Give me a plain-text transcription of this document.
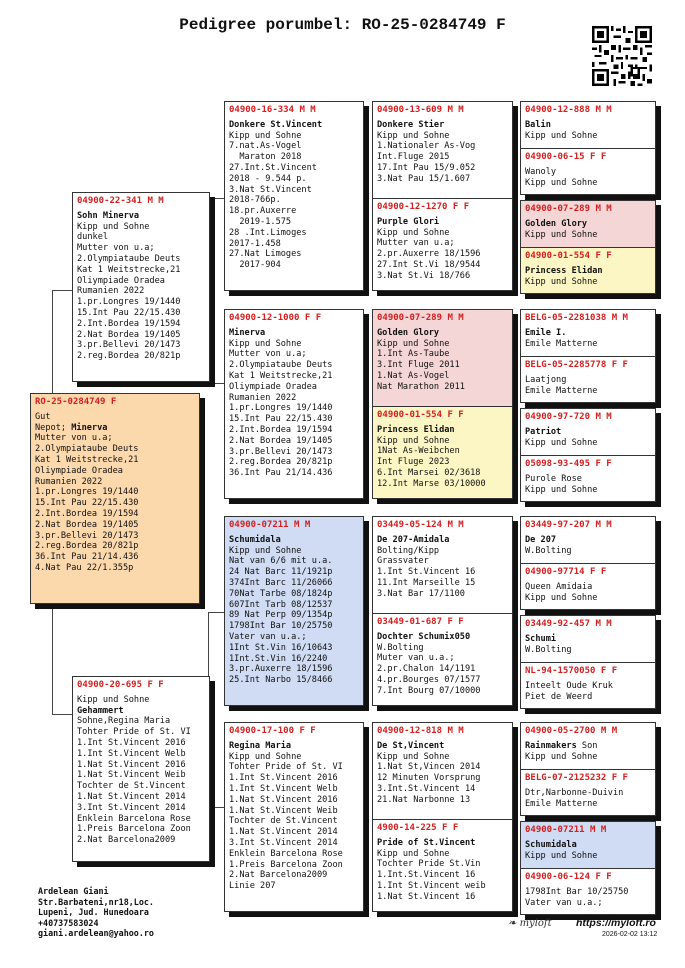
Pedigree porumbel: RO-25-0284749 F
RO-25-0284749 F
Gut
Nepot; Minerva
Mutter von u.a;
2.Olympiataube Deuts
Kat 1 Weitstrecke,21
Oliympiade Oradea
Rumanien 2022
1.pr.Longres 19/1440
15.Int Pau 22/15.430
2.Int.Bordea 19/1594
2.Nat Bordea 19/1405
3.pr.Bellevi 20/1473
2.reg.Bordea 20/821p
36.Int Pau 21/14.436
4.Nat Pau 22/1.355p
04900-22-341 M M
Sohn Minerva
Kipp und Sohne
dunkel
Mutter von u.a;
2.Olympiataube Deuts
Kat 1 Weitstrecke,21
Oliympiade Oradea
Rumanien 2022
1.pr.Longres 19/1440
15.Int Pau 22/15.430
2.Int.Bordea 19/1594
2.Nat Bordea 19/1405
3.pr.Bellevi 20/1473
2.reg.Bordea 20/821p
04900-20-695 F F
Kipp und Sohne
Gehammert
Sohne,Regina Maria
Tohter Pride of St. VI
1.Int St.Vincent 2016
1.Int St.Vincent Welb
1.Nat St.Vincent 2016
1.Nat St.Vincent Weib
Tochter de St.Vincent
1.Nat St.Vincent 2014
3.Int St.Vincent 2014
Enklein Barcelona Rose
1.Preis Barcelona Zoon
2.Nat Barcelona2009
04900-16-334 M M
Donkere St.Vincent
Kipp und Sohne
7.nat.As-Vogel
Maraton 2018
27.Int.St.Vincent
2018 - 9.544 p.
3.Nat St.Vincent
2018-766p.
18.pr.Auxerre
2019-1.575
28 .Int.Limoges
2017-1.458
27.Nat Limoges
2017-904
04900-12-1000 F F
Minerva
Kipp und Sohne
Mutter von u.a;
2.Olympiataube Deuts
Kat 1 Weitstrecke,21
Oliympiade Oradea
Rumanien 2022
1.pr.Longres 19/1440
15.Int Pau 22/15.430
2.Int.Bordea 19/1594
2.Nat Bordea 19/1405
3.pr.Bellevi 20/1473
2.reg.Bordea 20/821p
36.Int Pau 21/14.436
04900-07211 M M
Schumidala
Kipp und Sohne
Nat van 6/6 mit u.a.
24 Nat Barc 11/1921p
374Int Barc 11/26066
70Nat Tarbe 08/1824p
607Int Tarb 08/12537
89 Nat Perp 09/1354p
1798Int Bar 10/25750
Vater van u.a.;
1Int St.Vin 16/10643
1Int.St.Vin 16/2240
3.pr.Auxerre 18/1596
25.Int Narbo 15/8466
04900-17-100 F F
Regina Maria
Kipp und Sohne
Tohter Pride of St. VI
1.Int St.Vincent 2016
1.Int St.Vincent Welb
1.Nat St.Vincent 2016
1.Nat St.Vincent Weib
Tochter de St.Vincent
1.Nat St.Vincent 2014
3.Int St.Vincent 2014
Enklein Barcelona Rose
1.Preis Barcelona Zoon
2.Nat Barcelona2009
Linie 207
04900-13-609 M M
Donkere Stier
Kipp und Sohne
1.Nationaler As-Vog
Int.Fluge 2015
17.Int Pau 15/9.052
3.Nat Pau 15/1.607
04900-12-1270 F F
Purple Glori
Kipp und Sohne
Mutter van u.a;
2.pr.Auxerre 18/1596
27.Int St.Vi 18/9544
3.Nat St.Vi 18/766
04900-07-289 M M
Golden Glory
Kipp und Sohne
1.Int As-Taube
3.Int Fluge 2011
1.Nat As-Vogel
Nat Marathon 2011
04900-01-554 F F
Princess Elidan
Kipp und Sohne
1Nat As-Weibchen
Int Fluge 2023
6.Int Marsei 02/3618
12.Int Marse 03/10000
03449-05-124 M M
De 207-Amidala
Bolting/Kipp
Grassvater
1.Int St.Vincent 16
11.Int Marseille 15
3.Nat Bar 17/1100
03449-01-687 F F
Dochter Schumix050
W.Bolting
Muter van u.a.;
2.pr.Chalon 14/1191
4.pr.Bourges 07/1577
7.Int Bourg 07/10000
04900-12-818 M M
De St,Vincent
Kipp und Sohne
1.Nat St,Vincen 2014
12 Minuten Vorsprung
3.Int.St.Vincent 14
21.Nat Narbonne 13
4900-14-225 F F
Pride of St.Vincent
Kipp und Sohne
Tochter Pride St.Vin
1.Int.St.Vincent 16
1.Int St.Vincent weib
1.Nat St.Vincent 16
04900-12-888 M M
Balin
Kipp und Sohne
04900-06-15 F F
Wanoly
Kipp und Sohne
04900-07-289 M M
Golden Glory
Kipp und Sohne
04900-01-554 F F
Princess Elidan
Kipp und Sohne
BELG-05-2281038 M M
Emile I.
Emile Matterne
BELG-05-2285778 F F
Laatjong
Emile Matterne
04900-97-720 M M
Patriot
Kipp und Sohne
05098-93-495 F F
Purole Rose
Kipp und Sohne
03449-97-207 M M
De 207
W.Bolting
04900-97714 F F
Queen Amidaia
Kipp und Sohne
03449-92-457 M M
Schumi
W.Bolting
NL-94-1570050 F F
Inteelt Oude Kruk
Piet de Weerd
04900-05-2700 M M
Rainmakers Son
Kipp und Sohne
BELG-07-2125232 F F
Dtr,Narbonne-Duivin
Emile Matterne
04900-07211 M M
Schumidala
Kipp und Sohne
04900-06-124 F F
1798Int Bar 10/25750
Vater van u.a.;
Ardelean Giani
Str.Barbateni,nr18,Loc.
Lupeni, Jud. Hunedoara
+40737583024
giani.ardelean@yahoo.ro
❧ myloft https://myloft.ro
2026-02-02 13:12
